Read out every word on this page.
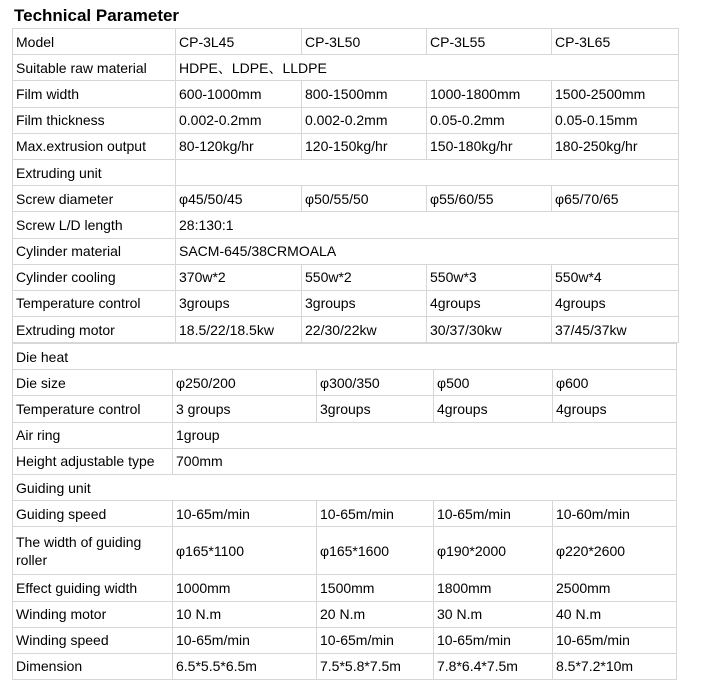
Technical Parameter
Model	CP-3L45	CP-3L50	CP-3L55	CP-3L65
Suitable raw material	HDPE、LDPE、LLDPE			
Film width	600-1000mm	800-1500mm	1000-1800mm	1500-2500mm
Film thickness	0.002-0.2mm	0.002-0.2mm	0.05-0.2mm	0.05-0.15mm
Max.extrusion output	80-120kg/hr	120-150kg/hr	150-180kg/hr	180-250kg/hr
Extruding unit				
Screw diameter	φ45/50/45	φ50/55/50	φ55/60/55	φ65/70/65
Screw L/D length	28:130:1			
Cylinder material	SACM-645/38CRMOALA			
Cylinder cooling	370w*2	550w*2	550w*3	550w*4
Temperature control	3groups	3groups	4groups	4groups
Extruding motor	18.5/22/18.5kw	22/30/22kw	30/37/30kw	37/45/37kw
Die heat				
Die size	φ250/200	φ300/350	φ500	φ600
Temperature control	3 groups	3groups	4groups	4groups
Air ring	1group			
Height adjustable type	700mm			
Guiding unit				
Guiding speed	10-65m/min	10-65m/min	10-65m/min	10-60m/min
The width of guiding roller	φ165*1100	φ165*1600	φ190*2000	φ220*2600
Effect guiding width	1000mm	1500mm	1800mm	2500mm
Winding motor	10 N.m	20 N.m	30 N.m	40 N.m
Winding speed	10-65m/min	10-65m/min	10-65m/min	10-65m/min
Dimension	6.5*5.5*6.5m	7.5*5.8*7.5m	7.8*6.4*7.5m	8.5*7.2*10m
